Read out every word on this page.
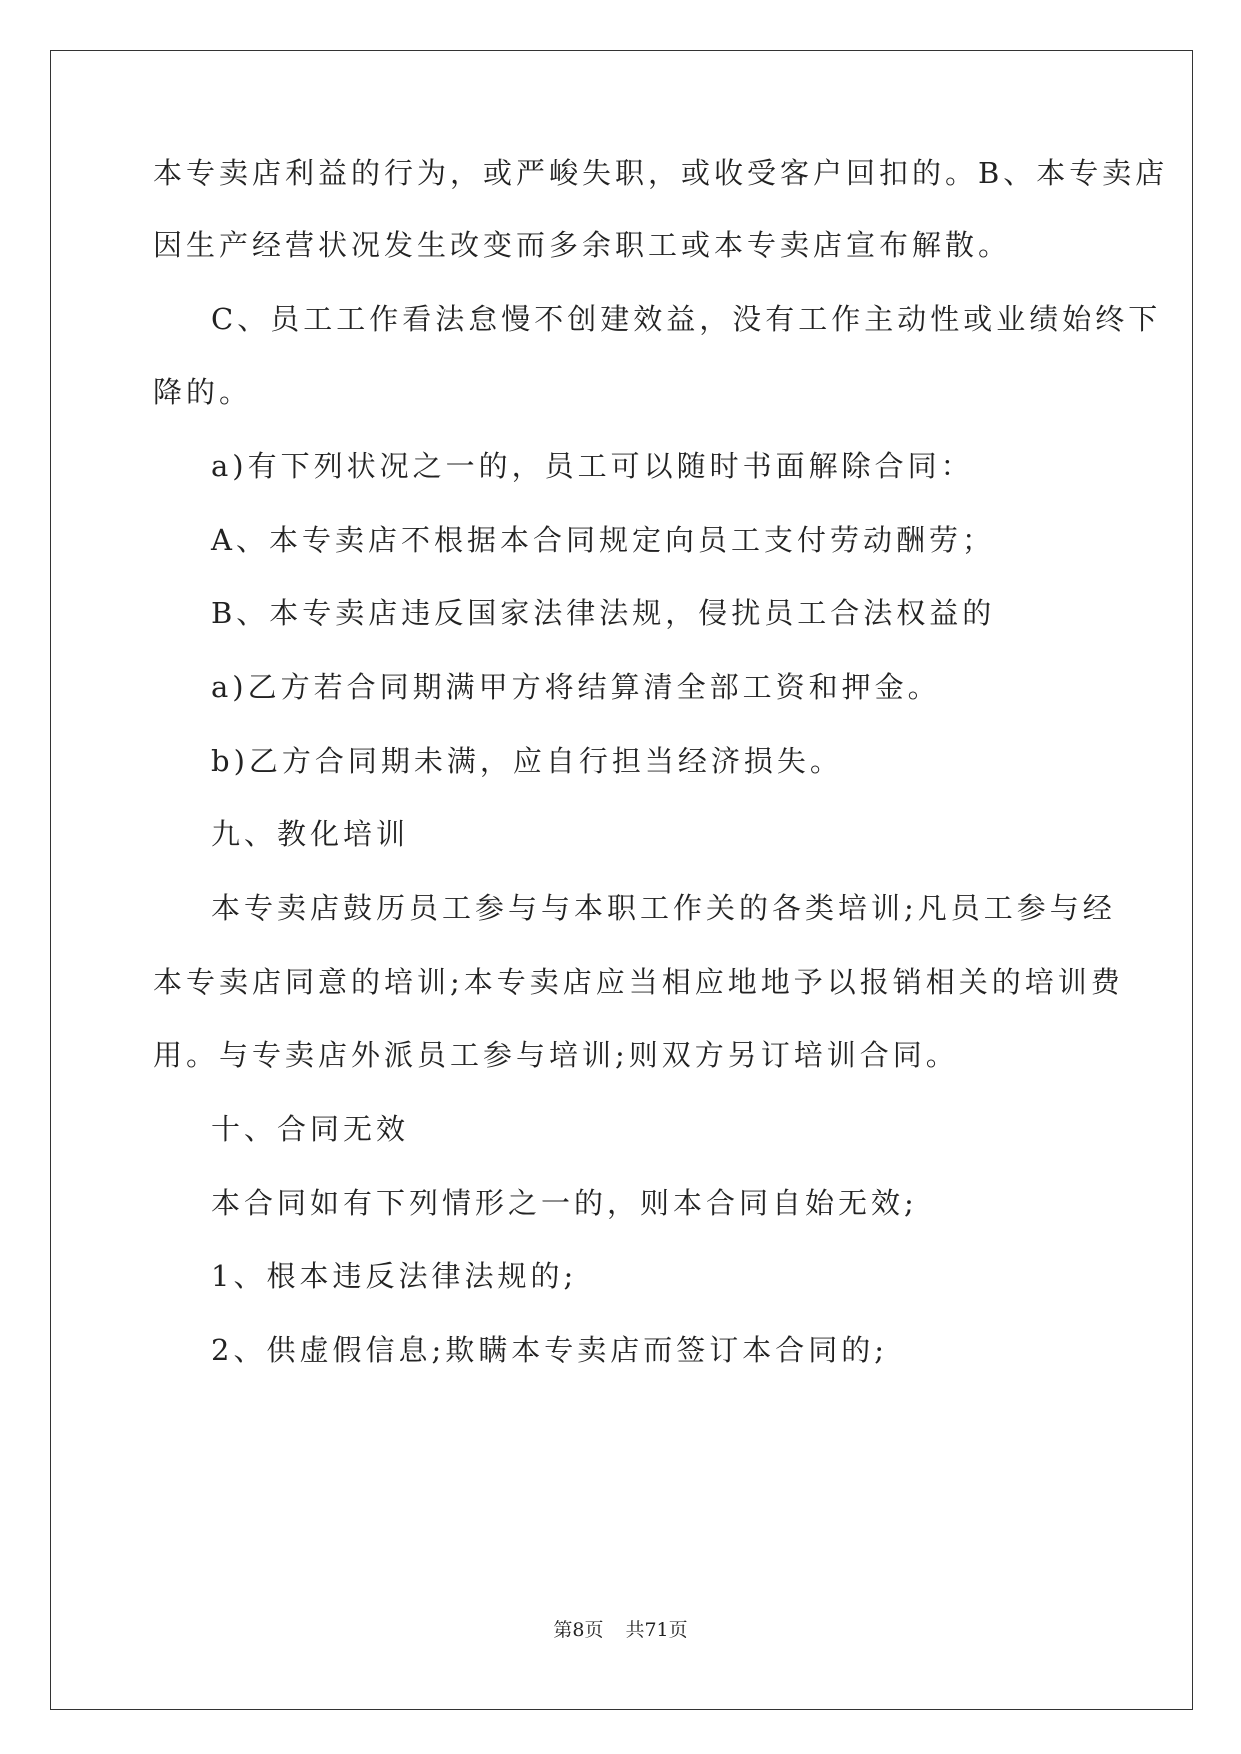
本专卖店利益的行为，或严峻失职，或收受客户回扣的。B、本专卖店
因生产经营状况发生改变而多余职工或本专卖店宣布解散。
C、员工工作看法怠慢不创建效益，没有工作主动性或业绩始终下
降的。
a)有下列状况之一的，员工可以随时书面解除合同：
A、本专卖店不根据本合同规定向员工支付劳动酬劳；
B、本专卖店违反国家法律法规，侵扰员工合法权益的
a)乙方若合同期满甲方将结算清全部工资和押金。
b)乙方合同期未满，应自行担当经济损失。
九、教化培训
本专卖店鼓历员工参与与本职工作关的各类培训;凡员工参与经
本专卖店同意的培训;本专卖店应当相应地地予以报销相关的培训费
用。与专卖店外派员工参与培训;则双方另订培训合同。
十、合同无效
本合同如有下列情形之一的，则本合同自始无效;
1、根本违反法律法规的;
2、供虚假信息;欺瞒本专卖店而签订本合同的;
第8页 共71页
